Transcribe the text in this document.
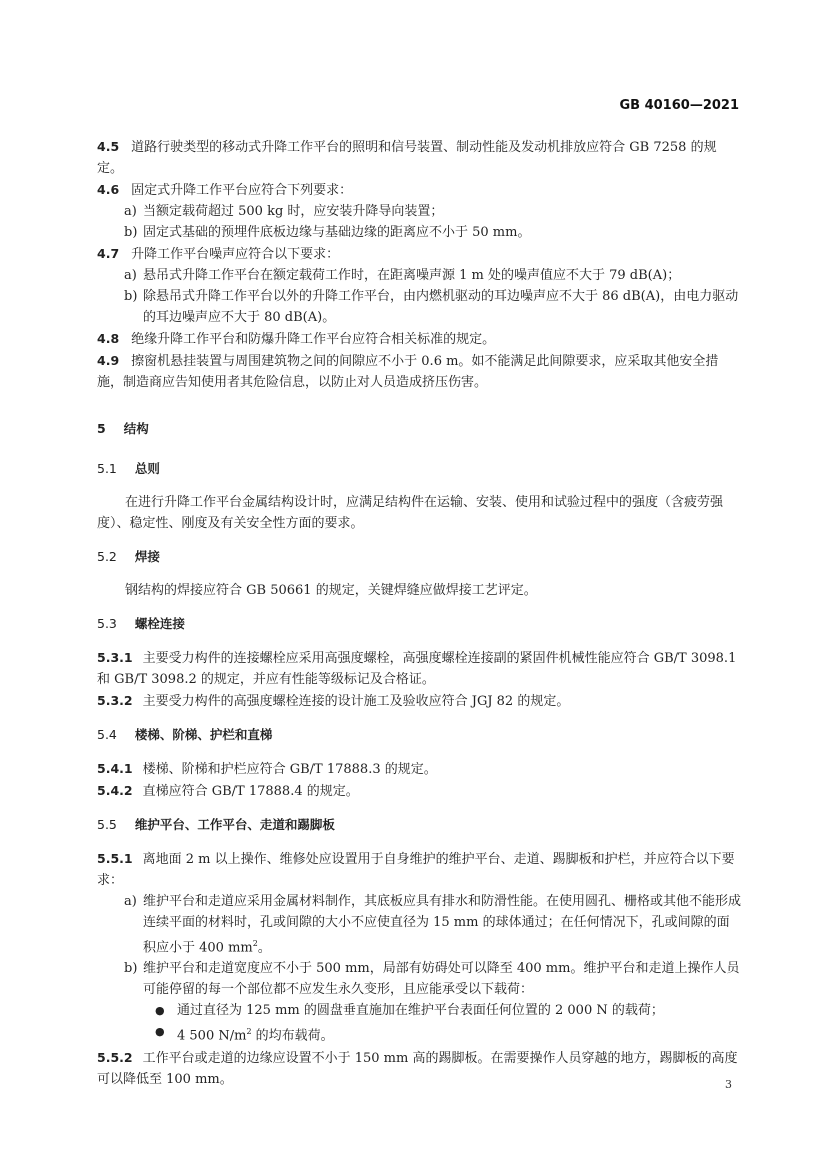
GB 40160—2021

4.5 道路行驶类型的移动式升降工作平台的照明和信号装置、制动性能及发动机排放应符合 GB 7258 的规定。

4.6 固定式升降工作平台应符合下列要求：

a) 当额定载荷超过 500 kg 时，应安装升降导向装置；

b) 固定式基础的预埋件底板边缘与基础边缘的距离应不小于 50 mm。

4.7 升降工作平台噪声应符合以下要求：

a) 悬吊式升降工作平台在额定载荷工作时，在距离噪声源 1 m 处的噪声值应不大于 79 dB(A)；

b) 除悬吊式升降工作平台以外的升降工作平台，由内燃机驱动的耳边噪声应不大于 86 dB(A)，由电力驱动的耳边噪声应不大于 80 dB(A)。

4.8 绝缘升降工作平台和防爆升降工作平台应符合相关标准的规定。

4.9 擦窗机悬挂装置与周围建筑物之间的间隙应不小于 0.6 m。如不能满足此间隙要求，应采取其他安全措施，制造商应告知使用者其危险信息，以防止对人员造成挤压伤害。

5 结构

5.1 总则

在进行升降工作平台金属结构设计时，应满足结构件在运输、安装、使用和试验过程中的强度（含疲劳强度）、稳定性、刚度及有关安全性方面的要求。

5.2 焊接

钢结构的焊接应符合 GB 50661 的规定，关键焊缝应做焊接工艺评定。

5.3 螺栓连接

5.3.1 主要受力构件的连接螺栓应采用高强度螺栓，高强度螺栓连接副的紧固件机械性能应符合 GB/T 3098.1 和 GB/T 3098.2 的规定，并应有性能等级标记及合格证。

5.3.2 主要受力构件的高强度螺栓连接的设计施工及验收应符合 JGJ 82 的规定。

5.4 楼梯、阶梯、护栏和直梯

5.4.1 楼梯、阶梯和护栏应符合 GB/T 17888.3 的规定。

5.4.2 直梯应符合 GB/T 17888.4 的规定。

5.5 维护平台、工作平台、走道和踢脚板

5.5.1 离地面 2 m 以上操作、维修处应设置用于自身维护的维护平台、走道、踢脚板和护栏，并应符合以下要求：

a) 维护平台和走道应采用金属材料制作，其底板应具有排水和防滑性能。在使用圆孔、栅格或其他不能形成连续平面的材料时，孔或间隙的大小不应使直径为 15 mm 的球体通过；在任何情况下，孔或间隙的面积应小于 400 $mm^2$。

b) 维护平台和走道宽度应不小于 500 mm，局部有妨碍处可以降至 400 mm。维护平台和走道上操作人员可能停留的每一个部位都不应发生永久变形，且应能承受以下载荷：

● 通过直径为 125 mm 的圆盘垂直施加在维护平台表面任何位置的 2 000 N 的载荷；

● 4 500 $N/m^2$ 的均布载荷。

5.5.2 工作平台或走道的边缘应设置不小于 150 mm 高的踢脚板。在需要操作人员穿越的地方，踢脚板的高度可以降低至 100 mm。	3
